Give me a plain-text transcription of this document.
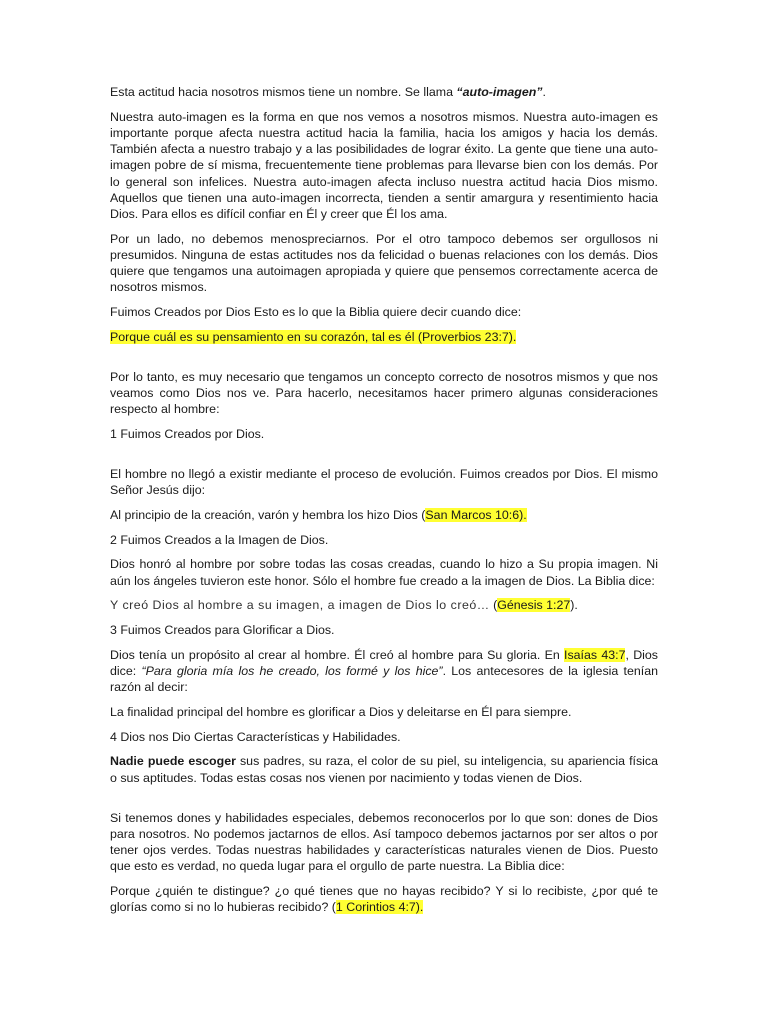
Esta actitud hacia nosotros mismos tiene un nombre. Se llama “auto-imagen”.

Nuestra auto-imagen es la forma en que nos vemos a nosotros mismos. Nuestra auto-imagen es importante porque afecta nuestra actitud hacia la familia, hacia los amigos y hacia los demás. También afecta a nuestro trabajo y a las posibilidades de lograr éxito. La gente que tiene una auto-imagen pobre de sí misma, frecuentemente tiene problemas para llevarse bien con los demás. Por lo general son infelices. Nuestra auto-imagen afecta incluso nuestra actitud hacia Dios mismo. Aquellos que tienen una auto-imagen incorrecta, tienden a sentir amargura y resentimiento hacia Dios. Para ellos es difícil confiar en Él y creer que Él los ama.

Por un lado, no debemos menospreciarnos. Por el otro tampoco debemos ser orgullosos ni presumidos. Ninguna de estas actitudes nos da felicidad o buenas relaciones con los demás. Dios quiere que tengamos una autoimagen apropiada y quiere que pensemos correctamente acerca de nosotros mismos.

Fuimos Creados por Dios Esto es lo que la Biblia quiere decir cuando dice:

Porque cuál es su pensamiento en su corazón, tal es él (Proverbios 23:7).

Por lo tanto, es muy necesario que tengamos un concepto correcto de nosotros mismos y que nos veamos como Dios nos ve. Para hacerlo, necesitamos hacer primero algunas consideraciones respecto al hombre:

1 Fuimos Creados por Dios.

El hombre no llegó a existir mediante el proceso de evolución. Fuimos creados por Dios. El mismo Señor Jesús dijo:

Al principio de la creación, varón y hembra los hizo Dios (San Marcos 10:6).

2 Fuimos Creados a la Imagen de Dios.

Dios honró al hombre por sobre todas las cosas creadas, cuando lo hizo a Su propia imagen. Ni aún los ángeles tuvieron este honor. Sólo el hombre fue creado a la imagen de Dios. La Biblia dice:

Y creó Dios al hombre a su imagen, a imagen de Dios lo creó… (Génesis 1:27).

3 Fuimos Creados para Glorificar a Dios.

Dios tenía un propósito al crear al hombre. Él creó al hombre para Su gloria. En Isaías 43:7, Dios dice: “Para gloria mía los he creado, los formé y los hice”. Los antecesores de la iglesia tenían razón al decir:

La finalidad principal del hombre es glorificar a Dios y deleitarse en Él para siempre.

4 Dios nos Dio Ciertas Características y Habilidades.

Nadie puede escoger sus padres, su raza, el color de su piel, su inteligencia, su apariencia física o sus aptitudes. Todas estas cosas nos vienen por nacimiento y todas vienen de Dios.

Si tenemos dones y habilidades especiales, debemos reconocerlos por lo que son: dones de Dios para nosotros. No podemos jactarnos de ellos. Así tampoco debemos jactarnos por ser altos o por tener ojos verdes. Todas nuestras habilidades y características naturales vienen de Dios. Puesto que esto es verdad, no queda lugar para el orgullo de parte nuestra. La Biblia dice:

Porque ¿quién te distingue? ¿o qué tienes que no hayas recibido? Y si lo recibiste, ¿por qué te glorías como si no lo hubieras recibido? (1 Corintios 4:7).
